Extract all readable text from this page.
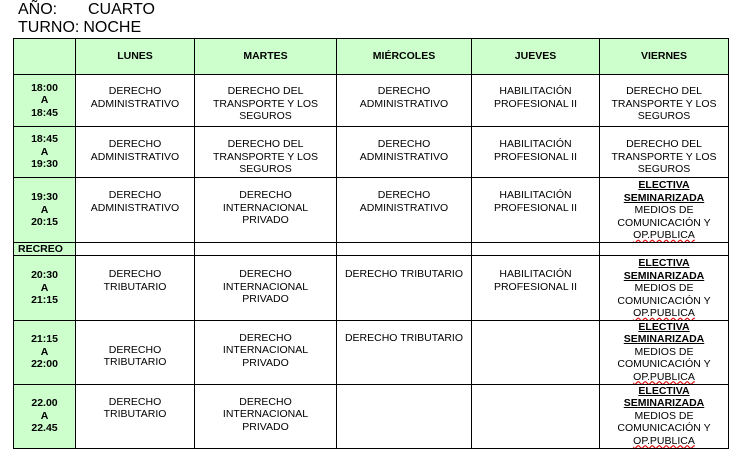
AÑO:	CUARTO
TURNO: NOCHE
	LUNES	MARTES	MIÉRCOLES	JUEVES	VIERNES

18:00
A
18:45	DERECHO
ADMINISTRATIVO	DERECHO DEL
TRANSPORTE Y LOS
SEGUROS	DERECHO
ADMINISTRATIVO	HABILITACIÓN
PROFESIONAL II	DERECHO DEL
TRANSPORTE Y LOS
SEGUROS

18:45
A
19:30	DERECHO
ADMINISTRATIVO	DERECHO DEL
TRANSPORTE Y LOS
SEGUROS	DERECHO
ADMINISTRATIVO	HABILITACIÓN
PROFESIONAL II	DERECHO DEL
TRANSPORTE Y LOS
SEGUROS

19:30
A
20:15	DERECHO
ADMINISTRATIVO	DERECHO
INTERNACIONAL
PRIVADO	DERECHO
ADMINISTRATIVO	HABILITACIÓN
PROFESIONAL II	ELECTIVA
SEMINARIZADA
MEDIOS DE
COMUNICACIÓN Y
OP.PUBLICA

RECREO					

20:30
A
21:15	DERECHO
TRIBUTARIO	DERECHO
INTERNACIONAL
PRIVADO	DERECHO TRIBUTARIO	HABILITACIÓN
PROFESIONAL II	ELECTIVA
SEMINARIZADA
MEDIOS DE
COMUNICACIÓN Y
OP.PUBLICA

21:15
A
22:00	DERECHO
TRIBUTARIO	DERECHO
INTERNACIONAL
PRIVADO	DERECHO TRIBUTARIO		ELECTIVA
SEMINARIZADA
MEDIOS DE
COMUNICACIÓN Y
OP.PUBLICA

22.00
A
22.45	DERECHO
TRIBUTARIO	DERECHO
INTERNACIONAL
PRIVADO			ELECTIVA
SEMINARIZADA
MEDIOS DE
COMUNICACIÓN Y
OP.PUBLICA
